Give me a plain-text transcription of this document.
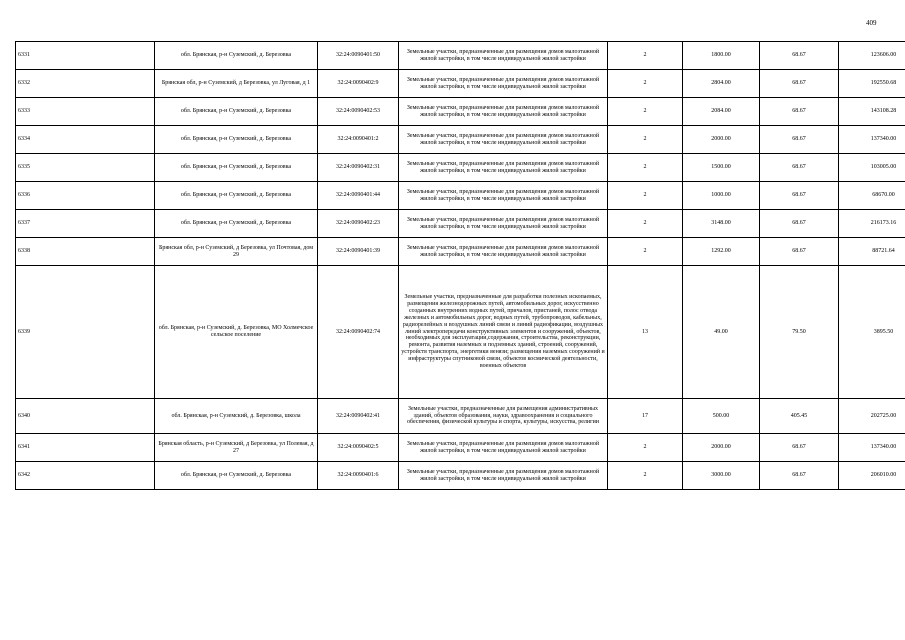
409
6331	обл. Брянская, р-н Суземский, д. Березовка	32:24:0090401:50	Земельные участки, предназначенные для размещения домов малоэтажной жилой застройки, в том числе индивидуальной жилой застройки	2	1800.00	68.67	123606.00
6332	Брянская обл, р-н Суземский, д Березовка, ул Луговая, д 1	32:24:0090402:9	Земельные участки, предназначенные для размещения домов малоэтажной жилой застройки, в том числе индивидуальной жилой застройки	2	2804.00	68.67	192550.68
6333	обл. Брянская, р-н Суземский, д. Березовка	32:24:0090402:53	Земельные участки, предназначенные для размещения домов малоэтажной жилой застройки, в том числе индивидуальной жилой застройки	2	2084.00	68.67	143108.28
6334	обл. Брянская, р-н Суземский, д. Березовка	32:24:0090401:2	Земельные участки, предназначенные для размещения домов малоэтажной жилой застройки, в том числе индивидуальной жилой застройки	2	2000.00	68.67	137340.00
6335	обл. Брянская, р-н Суземский, д. Березовка	32:24:0090402:31	Земельные участки, предназначенные для размещения домов малоэтажной жилой застройки, в том числе индивидуальной жилой застройки	2	1500.00	68.67	103005.00
6336	обл. Брянская, р-н Суземский, д. Березовка	32:24:0090401:44	Земельные участки, предназначенные для размещения домов малоэтажной жилой застройки, в том числе индивидуальной жилой застройки	2	1000.00	68.67	68670.00
6337	обл. Брянская, р-н Суземский, д. Березовка	32:24:0090402:23	Земельные участки, предназначенные для размещения домов малоэтажной жилой застройки, в том числе индивидуальной жилой застройки	2	3148.00	68.67	216173.16
6338	Брянская обл, р-н Суземский, д Березовка, ул Почтовая, дом 29	32:24:0090401:39	Земельные участки, предназначенные для размещения домов малоэтажной жилой застройки, в том числе индивидуальной жилой застройки	2	1292.00	68.67	88721.64
6339	обл. Брянская, р-н Суземский, д. Березовка, МО Холмечское сельское поселение	32:24:0090402:74	Земельные участки, предназначенные для разработки полезных ископаемых, размещения железнодорожных путей, автомобильных дорог, искусственно созданных внутренних водных путей, причалов, пристаней, полос отвода железных и автомобильных дорог, водных путей, трубопроводов, кабельных, радиорелейных и воздушных линий связи и линий радиофикации, воздушных линий электропередачи конструктивных элементов и сооружений, объектов, необходимых для эксплуатации,содержания, строительства, реконструкции, ремонта, развития наземных и подземных зданий, строений, сооружений, устройств транспорта, энергетики венязи; размещения наземных сооружений и инфраструктуры спутниковой связи, объектов космической деятельности, военных объектов	13	49.00	79.50	3895.50
6340	обл. Брянская, р-н Суземский, д. Березовка, школа	32:24:0090402:41	Земельные участки, предназначенные для размещения административных зданий, объектов образования, науки, здравоохранения и социального обеспечения, физической культуры и спорта, культуры, искусства, религии	17	500.00	405.45	202725.00
6341	Брянская область, р-н Суземский, д Березовка, ул Полевая, д 27	32:24:0090402:5	Земельные участки, предназначенные для размещения домов малоэтажной жилой застройки, в том числе индивидуальной жилой застройки	2	2000.00	68.67	137340.00
6342	обл. Брянская, р-н Суземский, д. Березовка	32:24:0090401:6	Земельные участки, предназначенные для размещения домов малоэтажной жилой застройки, в том числе индивидуальной жилой застройки	2	3000.00	68.67	206010.00
